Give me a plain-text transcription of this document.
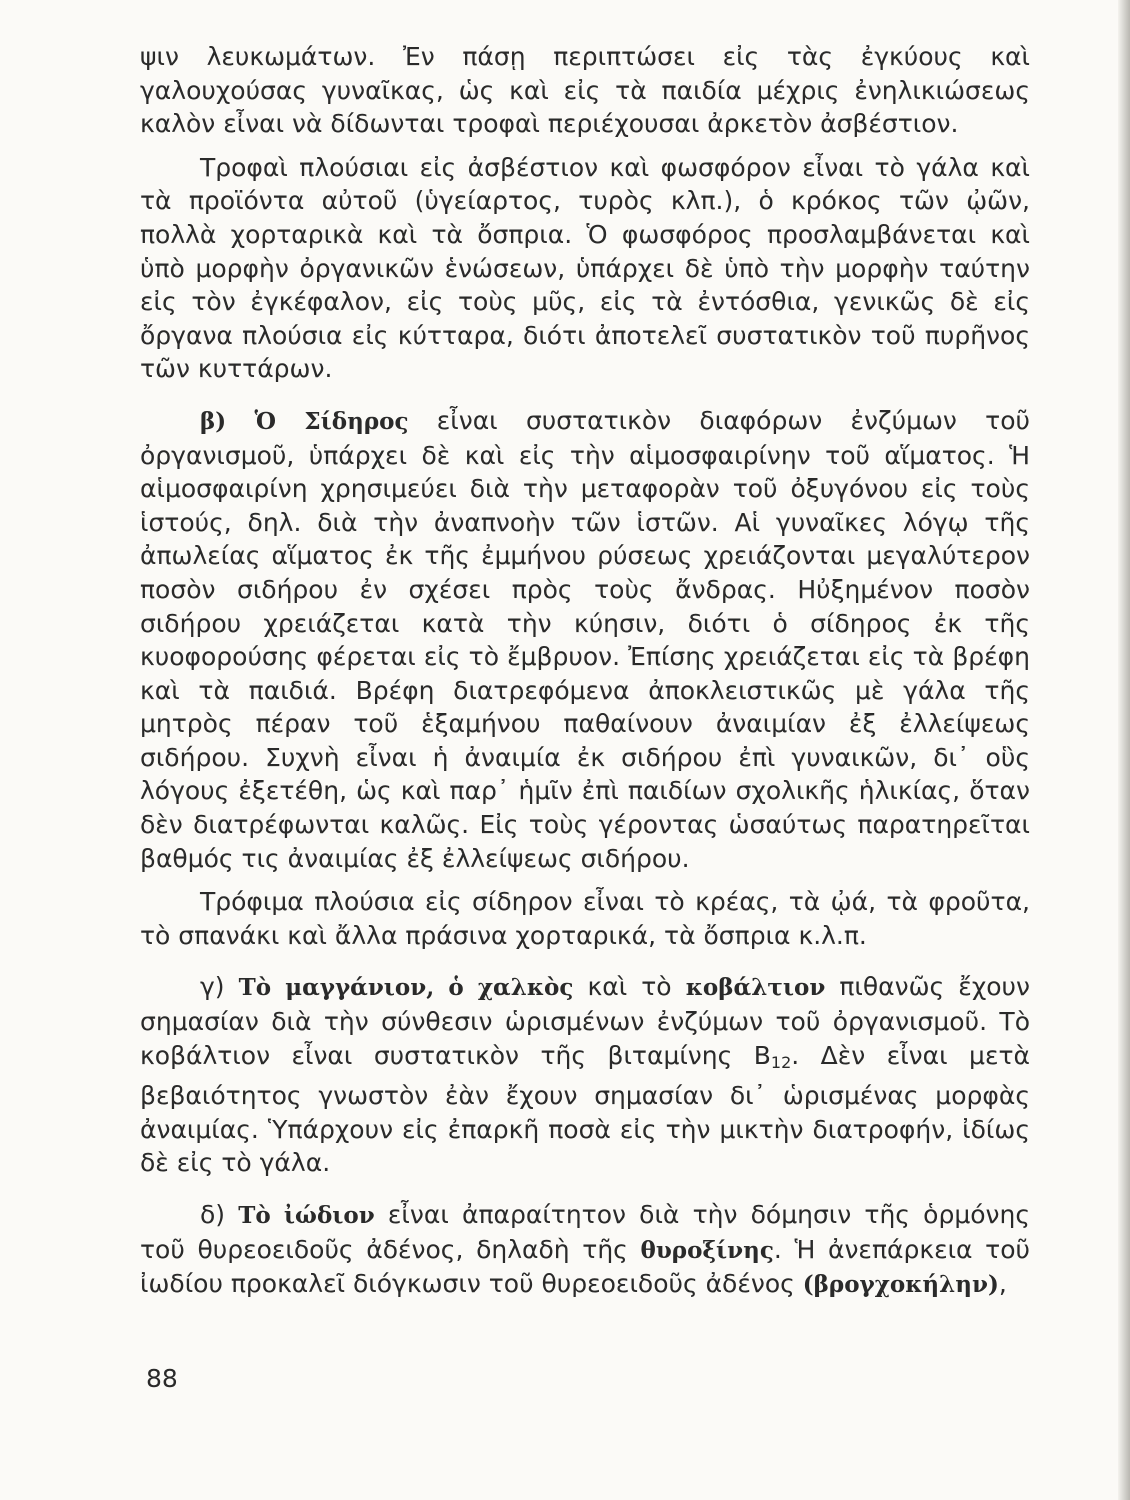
ψιν λευκωμάτων. Ἐν πάσῃ περιπτώσει εἰς τὰς ἐγκύους καὶ γαλουχούσας γυναῖκας, ὡς καὶ εἰς τὰ παιδία μέχρις ἐνηλικιώσεως καλὸν εἶναι νὰ δίδωνται τροφαὶ περιέχουσαι ἀρκετὸν ἀσβέστιον.

Τροφαὶ πλούσιαι εἰς ἀσβέστιον καὶ φωσφόρον εἶναι τὸ γάλα καὶ τὰ προϊόντα αὐτοῦ (ὑγείαρτος, τυρὸς κλπ.), ὁ κρόκος τῶν ᾠῶν, πολλὰ χορταρικὰ καὶ τὰ ὄσπρια. Ὁ φωσφόρος προσλαμβάνεται καὶ ὑπὸ μορφὴν ὀργανικῶν ἑνώσεων, ὑπάρχει δὲ ὑπὸ τὴν μορφὴν ταύτην εἰς τὸν ἐγκέφαλον, εἰς τοὺς μῦς, εἰς τὰ ἐντόσθια, γενικῶς δὲ εἰς ὄργανα πλούσια εἰς κύτταρα, διότι ἀποτελεῖ συστατικὸν τοῦ πυρῆνος τῶν κυττάρων.

β) Ὁ Σίδηρος εἶναι συστατικὸν διαφόρων ἐνζύμων τοῦ ὀργανισμοῦ, ὑπάρχει δὲ καὶ εἰς τὴν αἱμοσφαιρίνην τοῦ αἵματος. Ἡ αἱμοσφαιρίνη χρησιμεύει διὰ τὴν μεταφορὰν τοῦ ὀξυγόνου εἰς τοὺς ἱστούς, δηλ. διὰ τὴν ἀναπνοὴν τῶν ἱστῶν. Αἱ γυναῖκες λόγῳ τῆς ἀπωλείας αἵματος ἐκ τῆς ἐμμήνου ρύσεως χρειάζονται μεγαλύτερον ποσὸν σιδήρου ἐν σχέσει πρὸς τοὺς ἄνδρας. Ηὐξημένον ποσὸν σιδήρου χρειάζεται κατὰ τὴν κύησιν, διότι ὁ σίδηρος ἐκ τῆς κυοφορούσης φέρεται εἰς τὸ ἔμβρυον. Ἐπίσης χρειάζεται εἰς τὰ βρέφη καὶ τὰ παιδιά. Βρέφη διατρεφόμενα ἀποκλειστικῶς μὲ γάλα τῆς μητρὸς πέραν τοῦ ἑξαμήνου παθαίνουν ἀναιμίαν ἐξ ἐλλείψεως σιδήρου. Συχνὴ εἶναι ἡ ἀναιμία ἐκ σιδήρου ἐπὶ γυναικῶν, δι᾿ οὓς λόγους ἐξετέθη, ὡς καὶ παρ᾿ ἡμῖν ἐπὶ παιδίων σχολικῆς ἡλικίας, ὅταν δὲν διατρέφωνται καλῶς. Εἰς τοὺς γέροντας ὡσαύτως παρατηρεῖται βαθμός τις ἀναιμίας ἐξ ἐλλείψεως σιδήρου.

Τρόφιμα πλούσια εἰς σίδηρον εἶναι τὸ κρέας, τὰ ᾠά, τὰ φροῦτα, τὸ σπανάκι καὶ ἄλλα πράσινα χορταρικά, τὰ ὄσπρια κ.λ.π.

γ) Τὸ μαγγάνιον, ὁ χαλκὸς καὶ τὸ κοβάλτιον πιθανῶς ἔχουν σημασίαν διὰ τὴν σύνθεσιν ὡρισμένων ἐνζύμων τοῦ ὀργανισμοῦ. Τὸ κοβάλτιον εἶναι συστατικὸν τῆς βιταμίνης $B_{12}$. Δὲν εἶναι μετὰ βεβαιότητος γνωστὸν ἐὰν ἔχουν σημασίαν δι᾿ ὡρισμένας μορφὰς ἀναιμίας. Ὑπάρχουν εἰς ἐπαρκῆ ποσὰ εἰς τὴν μικτὴν διατροφήν, ἰδίως δὲ εἰς τὸ γάλα.

δ) Τὸ ἰώδιον εἶναι ἀπαραίτητον διὰ τὴν δόμησιν τῆς ὁρμόνης τοῦ θυρεοειδοῦς ἀδένος, δηλαδὴ τῆς θυροξίνης. Ἡ ἀνεπάρκεια τοῦ ἰωδίου προκαλεῖ διόγκωσιν τοῦ θυρεοειδοῦς ἀδένος (βρογχοκήλην),

88
